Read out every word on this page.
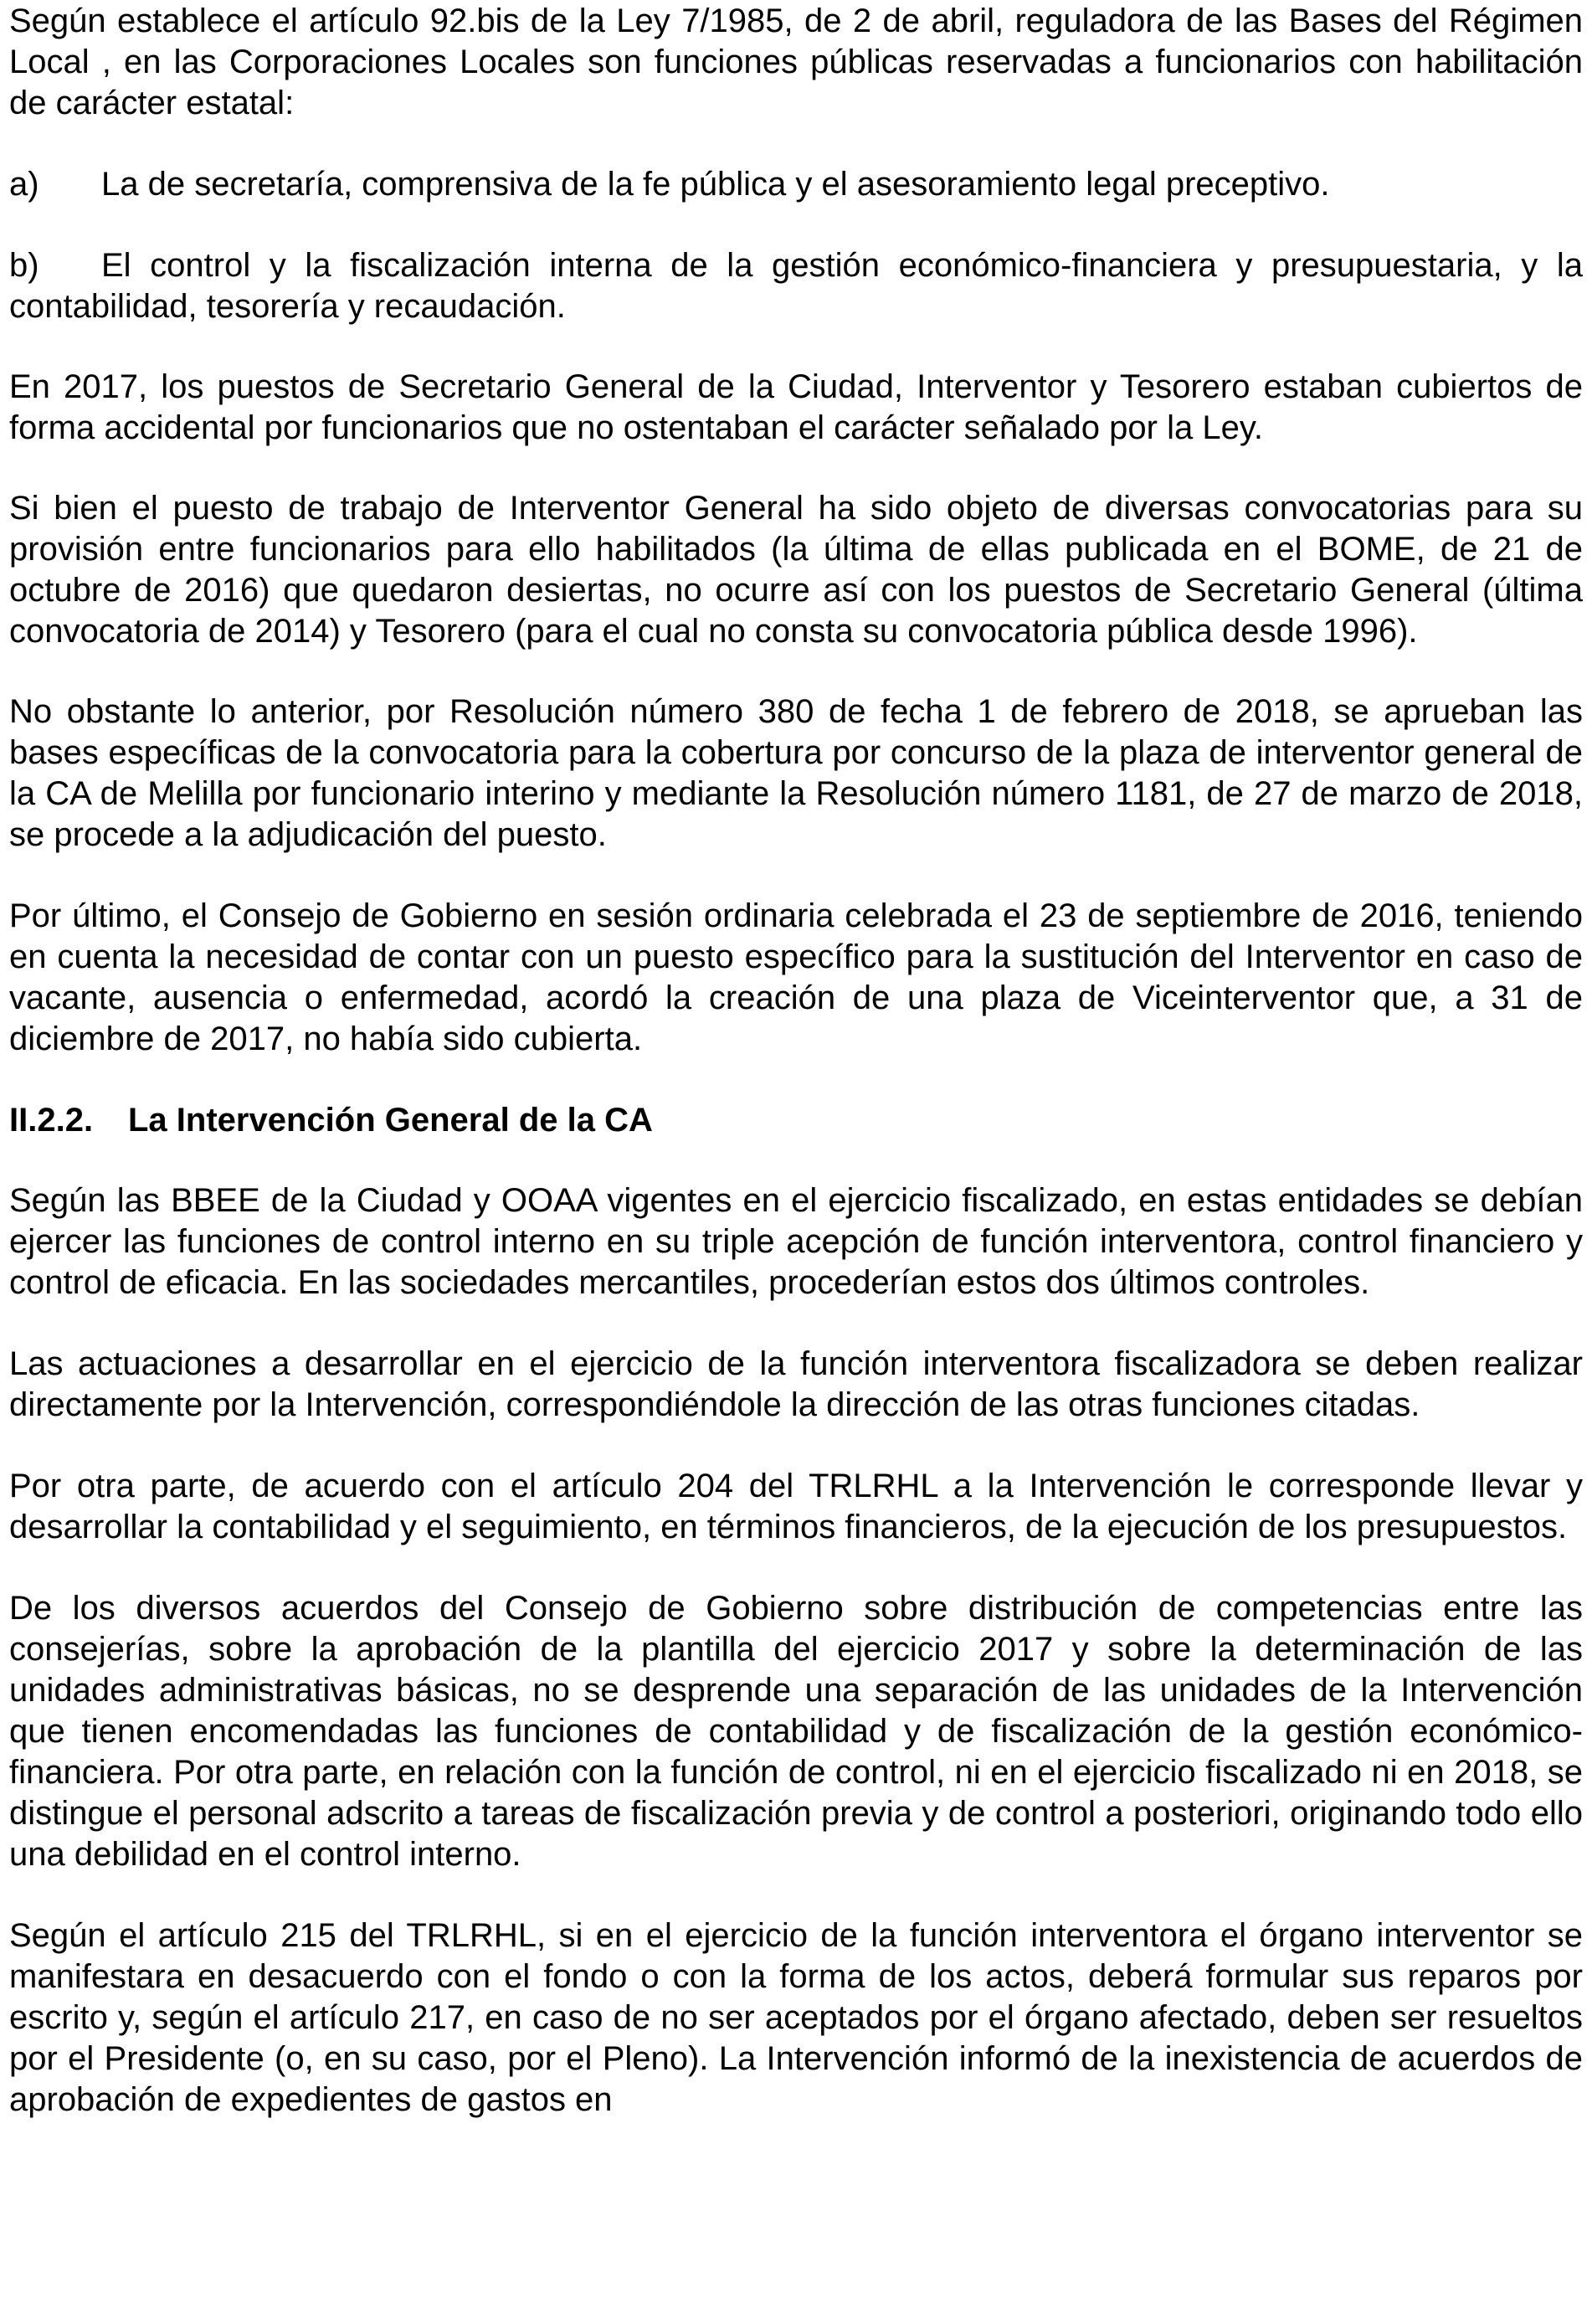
Según establece el artículo 92.bis de la Ley 7/1985, de 2 de abril, reguladora de las Bases del Régimen Local , en las Corporaciones Locales son funciones públicas reservadas a funcionarios con habilitación de carácter estatal:

a) La de secretaría, comprensiva de la fe pública y el asesoramiento legal preceptivo.

b) El control y la fiscalización interna de la gestión económico-financiera y presupuestaria, y la contabilidad, tesorería y recaudación.

En 2017, los puestos de Secretario General de la Ciudad, Interventor y Tesorero estaban cubiertos de forma accidental por funcionarios que no ostentaban el carácter señalado por la Ley.

Si bien el puesto de trabajo de Interventor General ha sido objeto de diversas convocatorias para su provisión entre funcionarios para ello habilitados (la última de ellas publicada en el BOME, de 21 de octubre de 2016) que quedaron desiertas, no ocurre así con los puestos de Secretario General (última convocatoria de 2014) y Tesorero (para el cual no consta su convocatoria pública desde 1996).

No obstante lo anterior, por Resolución número 380 de fecha 1 de febrero de 2018, se aprueban las bases específicas de la convocatoria para la cobertura por concurso de la plaza de interventor general de la CA de Melilla por funcionario interino y mediante la Resolución número 1181, de 27 de marzo de 2018, se procede a la adjudicación del puesto.

Por último, el Consejo de Gobierno en sesión ordinaria celebrada el 23 de septiembre de 2016, teniendo en cuenta la necesidad de contar con un puesto específico para la sustitución del Interventor en caso de vacante, ausencia o enfermedad, acordó la creación de una plaza de Viceinterventor que, a 31 de diciembre de 2017, no había sido cubierta.

II.2.2. La Intervención General de la CA

Según las BBEE de la Ciudad y OOAA vigentes en el ejercicio fiscalizado, en estas entidades se debían ejercer las funciones de control interno en su triple acepción de función interventora, control financiero y control de eficacia. En las sociedades mercantiles, procederían estos dos últimos controles.

Las actuaciones a desarrollar en el ejercicio de la función interventora fiscalizadora se deben realizar directamente por la Intervención, correspondiéndole la dirección de las otras funciones citadas.

Por otra parte, de acuerdo con el artículo 204 del TRLRHL a la Intervención le corresponde llevar y desarrollar la contabilidad y el seguimiento, en términos financieros, de la ejecución de los presupuestos.

De los diversos acuerdos del Consejo de Gobierno sobre distribución de competencias entre las consejerías, sobre la aprobación de la plantilla del ejercicio 2017 y sobre la determinación de las unidades administrativas básicas, no se desprende una separación de las unidades de la Intervención que tienen encomendadas las funciones de contabilidad y de fiscalización de la gestión económico-financiera. Por otra parte, en relación con la función de control, ni en el ejercicio fiscalizado ni en 2018, se distingue el personal adscrito a tareas de fiscalización previa y de control a posteriori, originando todo ello una debilidad en el control interno.

Según el artículo 215 del TRLRHL, si en el ejercicio de la función interventora el órgano interventor se manifestara en desacuerdo con el fondo o con la forma de los actos, deberá formular sus reparos por escrito y, según el artículo 217, en caso de no ser aceptados por el órgano afectado, deben ser resueltos por el Presidente (o, en su caso, por el Pleno). La Intervención informó de la inexistencia de acuerdos de aprobación de expedientes de gastos en
